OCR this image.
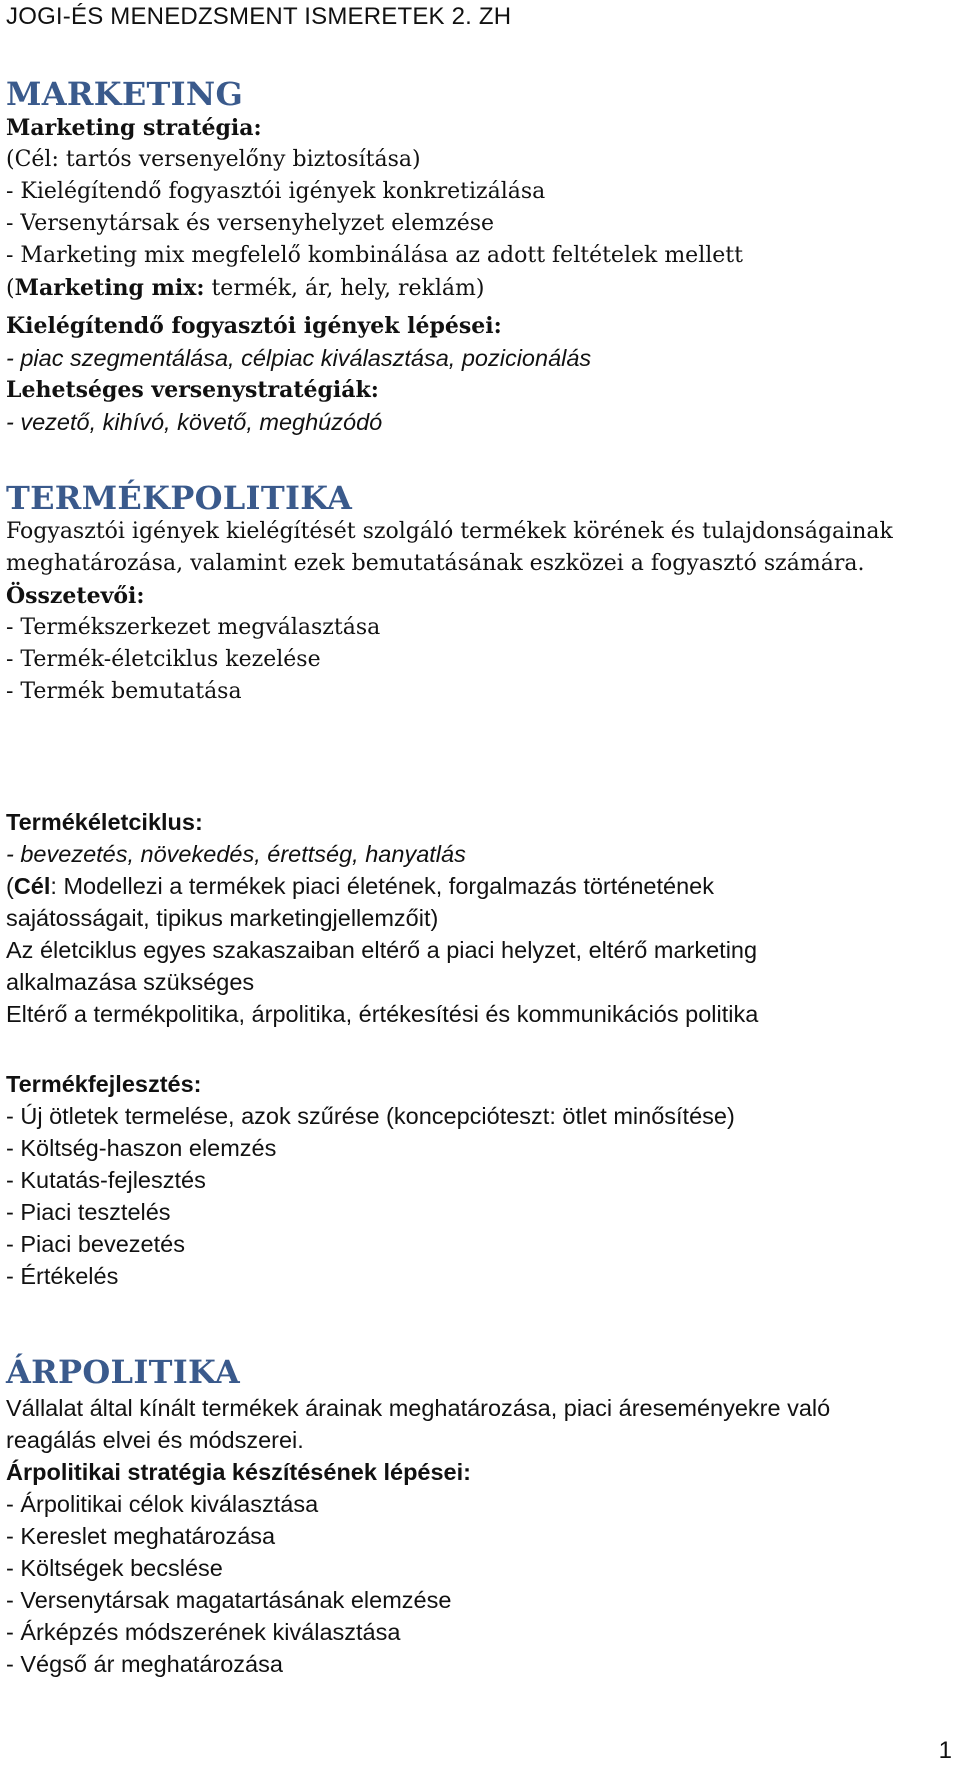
JOGI-ÉS MENEDZSMENT ISMERETEK 2. ZH
MARKETING
Marketing stratégia:
(Cél: tartós versenyelőny biztosítása)
- Kielégítendő fogyasztói igények konkretizálása
- Versenytársak és versenyhelyzet elemzése
- Marketing mix megfelelő kombinálása az adott feltételek mellett
(Marketing mix: termék, ár, hely, reklám)
Kielégítendő fogyasztói igények lépései:
- piac szegmentálása, célpiac kiválasztása, pozicionálás
Lehetséges versenystratégiák:
- vezető, kihívó, követő, meghúzódó
TERMÉKPOLITIKA
Fogyasztói igények kielégítését szolgáló termékek körének és tulajdonságainak
meghatározása, valamint ezek bemutatásának eszközei a fogyasztó számára.
Összetevői:
- Termékszerkezet megválasztása
- Termék-életciklus kezelése
- Termék bemutatása
Termékéletciklus:
- bevezetés, növekedés, érettség, hanyatlás
(Cél: Modellezi a termékek piaci életének, forgalmazás történetének
sajátosságait, tipikus marketingjellemzőit)
Az életciklus egyes szakaszaiban eltérő a piaci helyzet, eltérő marketing
alkalmazása szükséges
Eltérő a termékpolitika, árpolitika, értékesítési és kommunikációs politika
Termékfejlesztés:
- Új ötletek termelése, azok szűrése (koncepcióteszt: ötlet minősítése)
- Költség-haszon elemzés
- Kutatás-fejlesztés
- Piaci tesztelés
- Piaci bevezetés
- Értékelés
ÁRPOLITIKA
Vállalat által kínált termékek árainak meghatározása, piaci áreseményekre való
reagálás elvei és módszerei.
Árpolitikai stratégia készítésének lépései:
- Árpolitikai célok kiválasztása
- Kereslet meghatározása
- Költségek becslése
- Versenytársak magatartásának elemzése
- Árképzés módszerének kiválasztása
- Végső ár meghatározása
1
